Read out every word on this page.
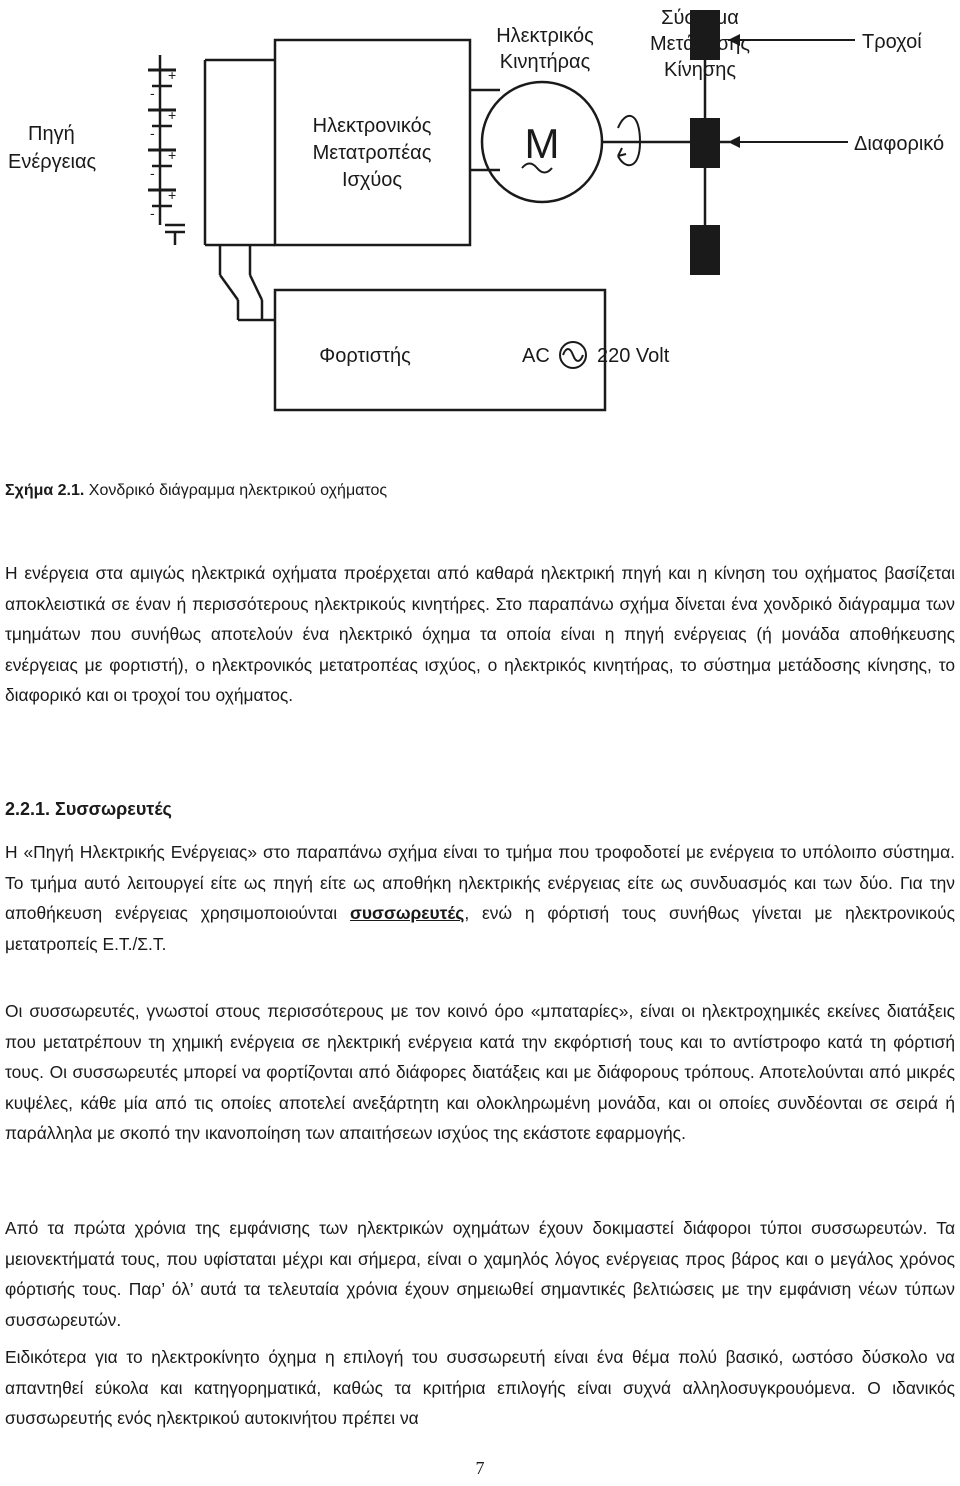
+
+
+
+
-
-
-
-
Πηγή
Ενέργειας
Ηλεκτρονικός
Μετατροπέας
Ισχύος
Ηλεκτρικός
Κινητήρας
M
Σύστημα
Μετάδοσης
Κίνησης
Τροχοί
Διαφορικό
Φορτιστής	AC 220 Volt
Σχήμα 2.1. Χονδρικό διάγραμμα ηλεκτρικού οχήματος

Η ενέργεια στα αμιγώς ηλεκτρικά οχήματα προέρχεται από καθαρά ηλεκτρική πηγή και η κίνηση του οχήματος βασίζεται αποκλειστικά σε έναν ή περισσότερους ηλεκτρικούς κινητήρες. Στο παραπάνω σχήμα δίνεται ένα χονδρικό διάγραμμα των τμημάτων που συνήθως αποτελούν ένα ηλεκτρικό όχημα τα οποία είναι η πηγή ενέργειας (ή μονάδα αποθήκευσης ενέργειας με φορτιστή), ο ηλεκτρονικός μετατροπέας ισχύος, ο ηλεκτρικός κινητήρας, το σύστημα μετάδοσης κίνησης, το διαφορικό και οι τροχοί του οχήματος.

2.2.1. Συσσωρευτές

Η «Πηγή Ηλεκτρικής Ενέργειας» στο παραπάνω σχήμα είναι το τμήμα που τροφοδοτεί με ενέργεια το υπόλοιπο σύστημα. Το τμήμα αυτό λειτουργεί είτε ως πηγή είτε ως αποθήκη ηλεκτρικής ενέργειας είτε ως συνδυασμός και των δύο. Για την αποθήκευση ενέργειας χρησιμοποιούνται συσσωρευτές, ενώ η φόρτισή τους συνήθως γίνεται με ηλεκτρονικούς μετατροπείς Ε.Τ./Σ.Τ.

Οι συσσωρευτές, γνωστοί στους περισσότερους με τον κοινό όρο «μπαταρίες», είναι οι ηλεκτροχημικές εκείνες διατάξεις που μετατρέπουν τη χημική ενέργεια σε ηλεκτρική ενέργεια κατά την εκφόρτισή τους και το αντίστροφο κατά τη φόρτισή τους. Οι συσσωρευτές μπορεί να φορτίζονται από διάφορες διατάξεις και με διάφορους τρόπους. Αποτελούνται από μικρές κυψέλες, κάθε μία από τις οποίες αποτελεί ανεξάρτητη και ολοκληρωμένη μονάδα, και οι οποίες συνδέονται σε σειρά ή παράλληλα με σκοπό την ικανοποίηση των απαιτήσεων ισχύος της εκάστοτε εφαρμογής.

Από τα πρώτα χρόνια της εμφάνισης των ηλεκτρικών οχημάτων έχουν δοκιμαστεί διάφοροι τύποι συσσωρευτών. Τα μειονεκτήματά τους, που υφίσταται μέχρι και σήμερα, είναι ο χαμηλός λόγος ενέργειας προς βάρος και ο μεγάλος χρόνος φόρτισής τους. Παρ’ όλ’ αυτά τα τελευταία χρόνια έχουν σημειωθεί σημαντικές βελτιώσεις με την εμφάνιση νέων τύπων συσσωρευτών.

Ειδικότερα για το ηλεκτροκίνητο όχημα η επιλογή του συσσωρευτή είναι ένα θέμα πολύ βασικό, ωστόσο δύσκολο να απαντηθεί εύκολα και κατηγορηματικά, καθώς τα κριτήρια επιλογής είναι συχνά αλληλοσυγκρουόμενα. Ο ιδανικός συσσωρευτής ενός ηλεκτρικού αυτοκινήτου πρέπει να

7
